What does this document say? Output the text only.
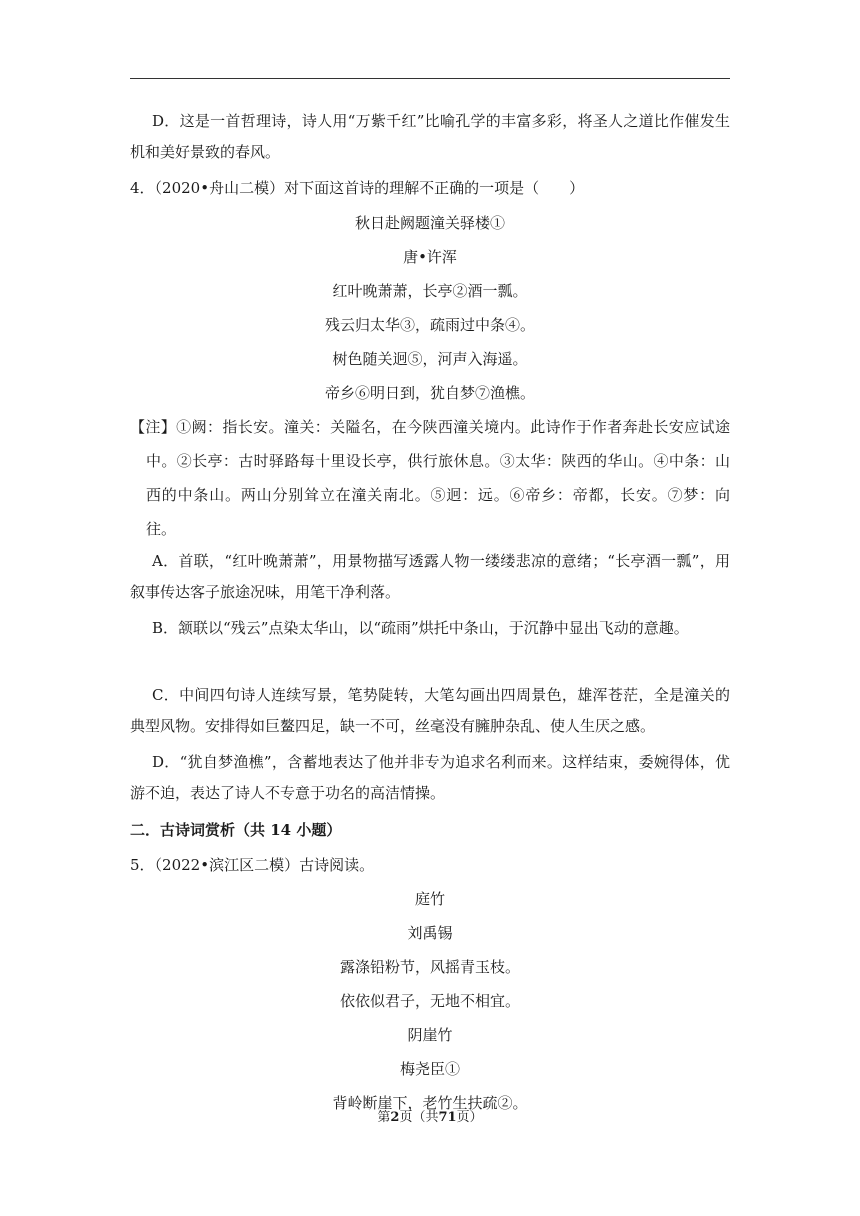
D．这是一首哲理诗，诗人用“万紫千红”比喻孔学的丰富多彩，将圣人之道比作催发生机和美好景致的春风。

4．（2020•舟山二模）对下面这首诗的理解不正确的一项是（　　）

秋日赴阙题潼关驿楼①

唐•许浑

红叶晚萧萧，长亭②酒一瓢。

残云归太华③，疏雨过中条④。

树色随关迥⑤，河声入海遥。

帝乡⑥明日到，犹自梦⑦渔樵。

【注】①阙：指长安。潼关：关隘名，在今陕西潼关境内。此诗作于作者奔赴长安应试途中。②长亭：古时驿路每十里设长亭，供行旅休息。③太华：陕西的华山。④中条：山西的中条山。两山分别耸立在潼关南北。⑤迥：远。⑥帝乡：帝都，长安。⑦梦：向往。

A．首联，“红叶晚萧萧”，用景物描写透露人物一缕缕悲凉的意绪；“长亭酒一瓢”，用叙事传达客子旅途况味，用笔干净利落。

B．颔联以“残云”点染太华山，以“疏雨”烘托中条山，于沉静中显出飞动的意趣。

C．中间四句诗人连续写景，笔势陡转，大笔勾画出四周景色，雄浑苍茫，全是潼关的典型风物。安排得如巨鳌四足，缺一不可，丝毫没有臃肿杂乱、使人生厌之感。

D．“犹自梦渔樵”，含蓄地表达了他并非专为追求名利而来。这样结束，委婉得体，优游不迫，表达了诗人不专意于功名的高洁情操。

二．古诗词赏析（共 14 小题）

5．（2022•滨江区二模）古诗阅读。

庭竹

刘禹锡

露涤铅粉节，风摇青玉枝。

依依似君子，无地不相宜。

阴崖竹

梅尧臣①

背岭断崖下，老竹生扶疏②。

第2页（共71页）
